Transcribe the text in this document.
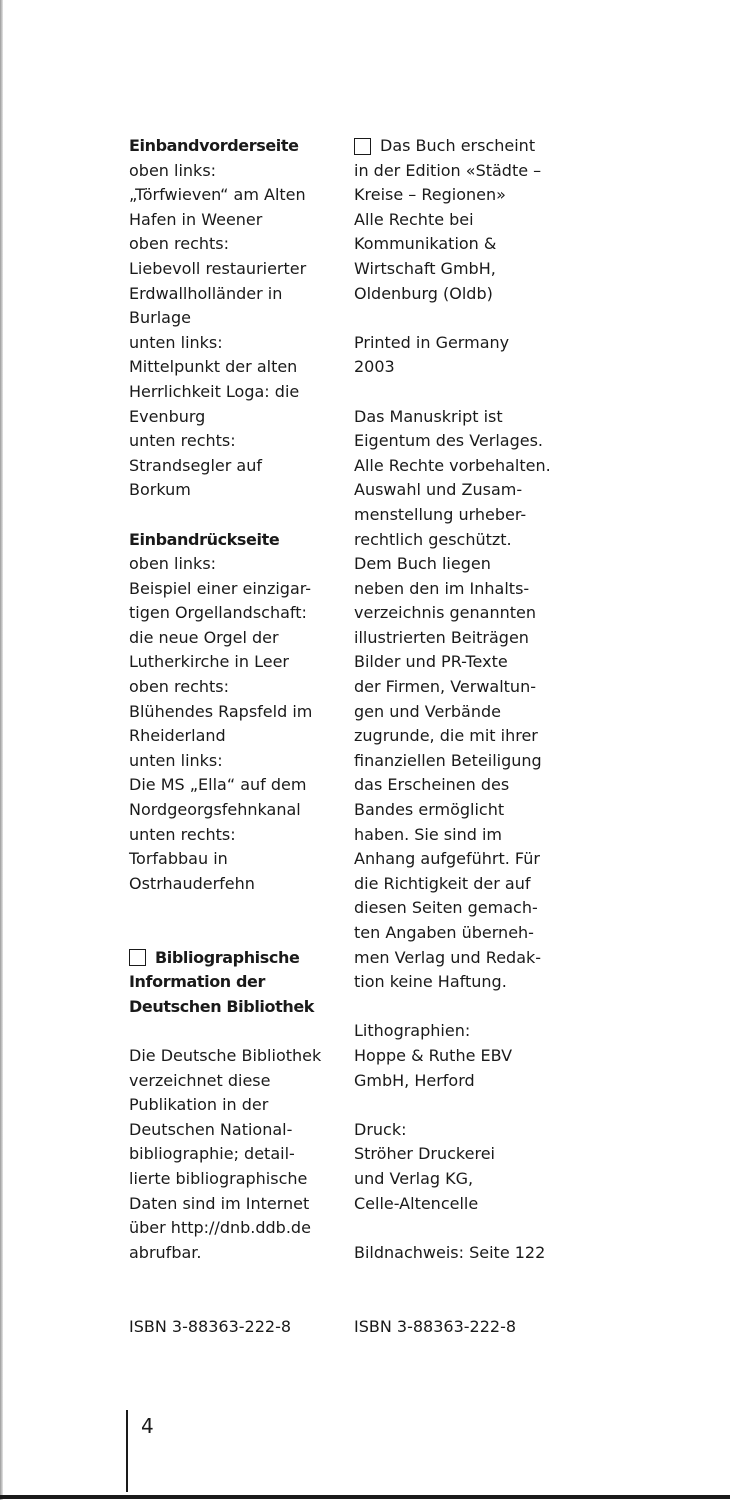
Einbandvorderseite
oben links:
„Törfwieven“ am Alten
Hafen in Weener
oben rechts:
Liebevoll restaurierter
Erdwallholländer in
Burlage
unten links:
Mittelpunkt der alten
Herrlichkeit Loga: die
Evenburg
unten rechts:
Strandsegler auf
Borkum
Einbandrückseite
oben links:
Beispiel einer einzigar-
tigen Orgellandschaft:
die neue Orgel der
Lutherkirche in Leer
oben rechts:
Blühendes Rapsfeld im
Rheiderland
unten links:
Die MS „Ella“ auf dem
Nordgeorgsfehnkanal
unten rechts:
Torfabbau in
Ostrhauderfehn
Bibliographische
Information der
Deutschen Bibliothek
Die Deutsche Bibliothek
verzeichnet diese
Publikation in der
Deutschen National-
bibliographie; detail-
lierte bibliographische
Daten sind im Internet
über http://dnb.ddb.de
abrufbar.
Das Buch erscheint
in der Edition «Städte –
Kreise – Regionen»
Alle Rechte bei
Kommunikation &
Wirtschaft GmbH,
Oldenburg (Oldb)
Printed in Germany
2003
Das Manuskript ist
Eigentum des Verlages.
Alle Rechte vorbehalten.
Auswahl und Zusam-
menstellung urheber-
rechtlich geschützt.
Dem Buch liegen
neben den im Inhalts-
verzeichnis genannten
illustrierten Beiträgen
Bilder und PR-Texte
der Firmen, Verwaltun-
gen und Verbände
zugrunde, die mit ihrer
finanziellen Beteiligung
das Erscheinen des
Bandes ermöglicht
haben. Sie sind im
Anhang aufgeführt. Für
die Richtigkeit der auf
diesen Seiten gemach-
ten Angaben überneh-
men Verlag und Redak-
tion keine Haftung.
Lithographien:
Hoppe & Ruthe EBV
GmbH, Herford
Druck:
Ströher Druckerei
und Verlag KG,
Celle-Altencelle
Bildnachweis: Seite 122
ISBN 3-88363-222-8	ISBN 3-88363-222-8
4
